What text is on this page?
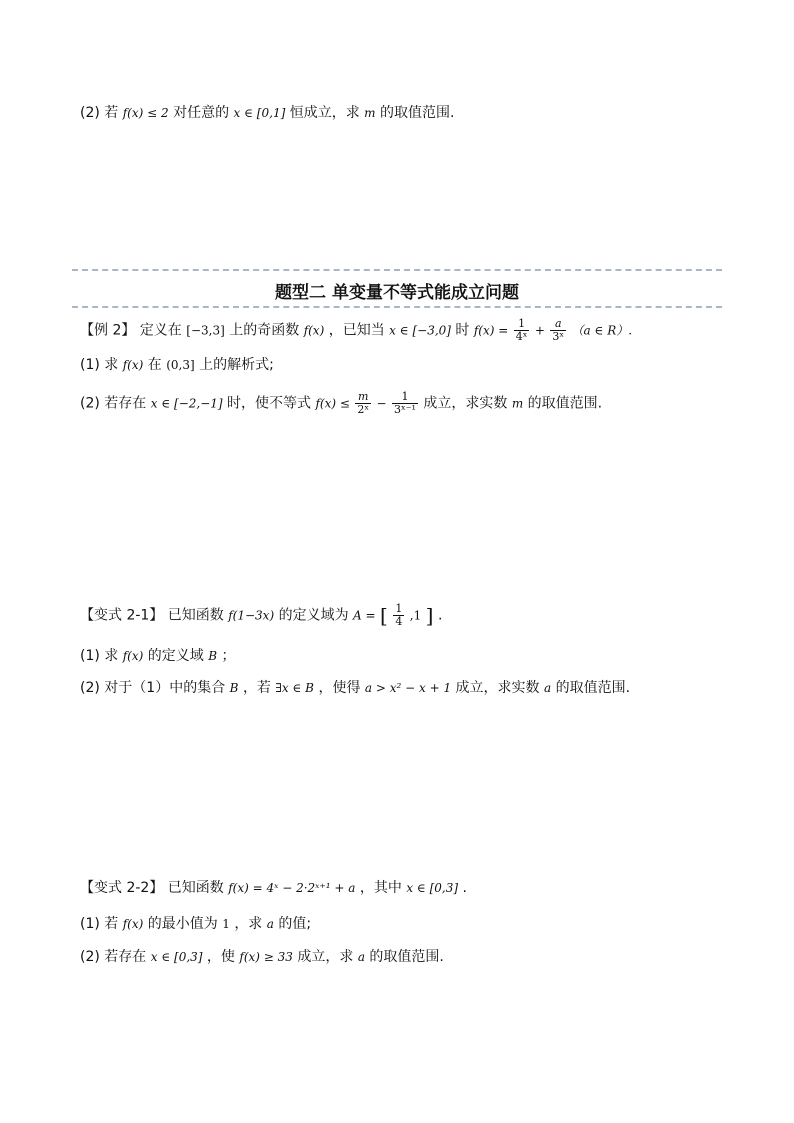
(2) 若 f(x) ≤ 2 对任意的 x ∈ [0,1] 恒成立，求 m 的取值范围.
题型二 单变量不等式能成立问题
【例 2】 定义在 [−3,3] 上的奇函数 f(x) ，已知当 x ∈ [−3,0] 时 $f(x) = \frac{1}{\text{4ˣ}} + \frac{a}{\text{3ˣ}} (a$ ∈ R）.
(1) 求 f(x) 在 (0,3] 上的解析式;
(2) 若存在 x ∈ [−2,−1] 时，使不等式 $f(x) \le \frac{m}{\text{2ˣ}} - \frac{1}{\text{3ˣ⁻¹}}$ 成立，求实数 m 的取值范围.
【变式 2-1】 已知函数 f(1−3x) 的定义域为 A = [ $\frac{1}{4} ,1$ ] .
(1) 求 f(x) 的定义域 B ；
(2) 对于（1）中的集合 B ，若 ∃x ∈ B ，使得 a > x² − x + 1 成立，求实数 a 的取值范围.
【变式 2-2】 已知函数 f(x) = 4ˣ − 2·2ˣ⁺¹ + a ，其中 x ∈ [0,3] .
(1) 若 f(x) 的最小值为 1 ，求 a 的值;
(2) 若存在 x ∈ [0,3] ，使 f(x) ≥ 33 成立，求 a 的取值范围.
